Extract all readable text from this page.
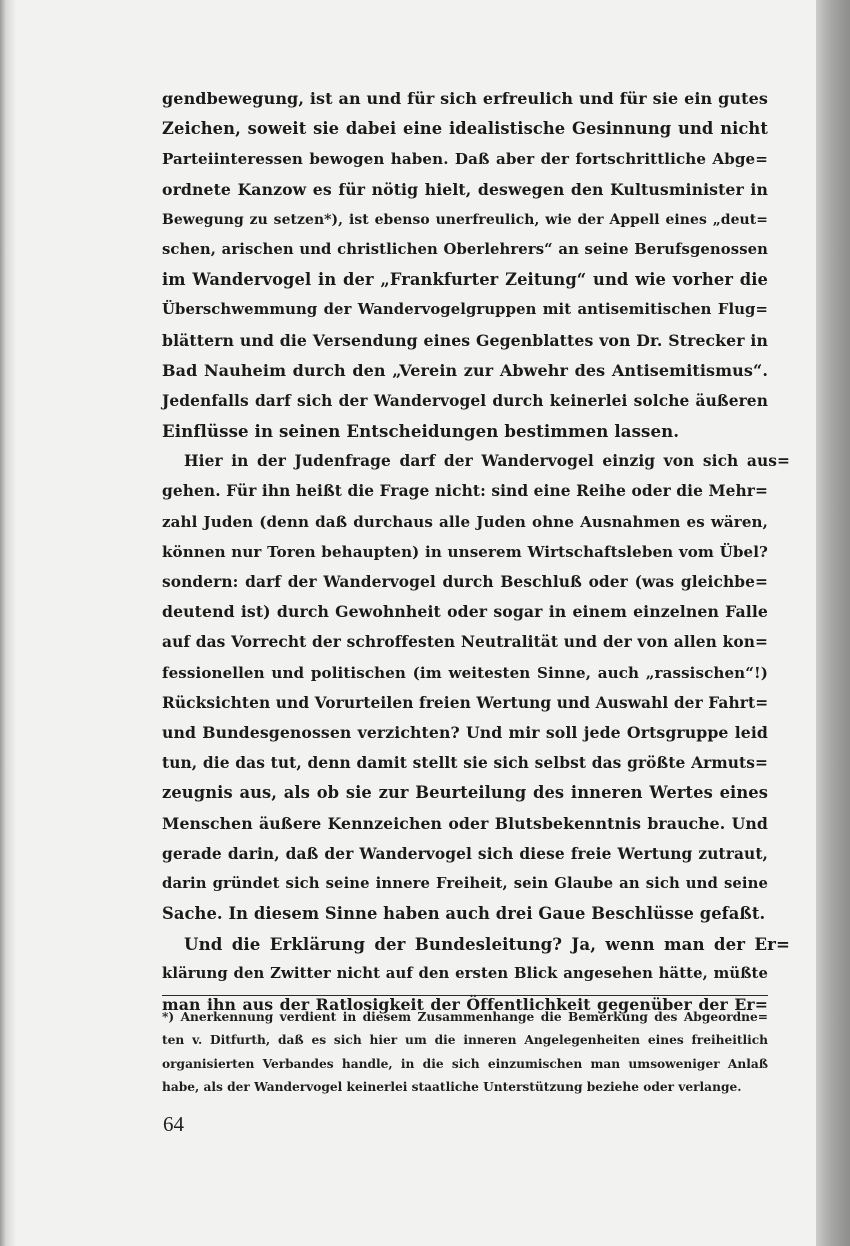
gendbewegung, ist an und für sich erfreulich und für sie ein gutes
Zeichen, soweit sie dabei eine idealistische Gesinnung und nicht
Parteiinteressen bewogen haben. Daß aber der fortschrittliche Abge=
ordnete Kanzow es für nötig hielt, deswegen den Kultusminister in
Bewegung zu setzen*), ist ebenso unerfreulich, wie der Appell eines „deut=
schen, arischen und christlichen Oberlehrers“ an seine Berufsgenossen
im Wandervogel in der „Frankfurter Zeitung“ und wie vorher die
Überschwemmung der Wandervogelgruppen mit antisemitischen Flug=
blättern und die Versendung eines Gegenblattes von Dr. Strecker in
Bad Nauheim durch den „Verein zur Abwehr des Antisemitismus“.
Jedenfalls darf sich der Wandervogel durch keinerlei solche äußeren
Einflüsse in seinen Entscheidungen bestimmen lassen.
Hier in der Judenfrage darf der Wandervogel einzig von sich aus=
gehen. Für ihn heißt die Frage nicht: sind eine Reihe oder die Mehr=
zahl Juden (denn daß durchaus alle Juden ohne Ausnahmen es wären,
können nur Toren behaupten) in unserem Wirtschaftsleben vom Übel?
sondern: darf der Wandervogel durch Beschluß oder (was gleichbe=
deutend ist) durch Gewohnheit oder sogar in einem einzelnen Falle
auf das Vorrecht der schroffesten Neutralität und der von allen kon=
fessionellen und politischen (im weitesten Sinne, auch „rassischen“!)
Rücksichten und Vorurteilen freien Wertung und Auswahl der Fahrt=
und Bundesgenossen verzichten? Und mir soll jede Ortsgruppe leid
tun, die das tut, denn damit stellt sie sich selbst das größte Armuts=
zeugnis aus, als ob sie zur Beurteilung des inneren Wertes eines
Menschen äußere Kennzeichen oder Blutsbekenntnis brauche. Und
gerade darin, daß der Wandervogel sich diese freie Wertung zutraut,
darin gründet sich seine innere Freiheit, sein Glaube an sich und seine
Sache. In diesem Sinne haben auch drei Gaue Beschlüsse gefaßt.
Und die Erklärung der Bundesleitung? Ja, wenn man der Er=
klärung den Zwitter nicht auf den ersten Blick angesehen hätte, müßte
man ihn aus der Ratlosigkeit der Öffentlichkeit gegenüber der Er=
*) Anerkennung verdient in diesem Zusammenhange die Bemerkung des Abgeordne=
ten v. Ditfurth, daß es sich hier um die inneren Angelegenheiten eines freiheitlich
organisierten Verbandes handle, in die sich einzumischen man umsoweniger Anlaß
habe, als der Wandervogel keinerlei staatliche Unterstützung beziehe oder verlange.
64
